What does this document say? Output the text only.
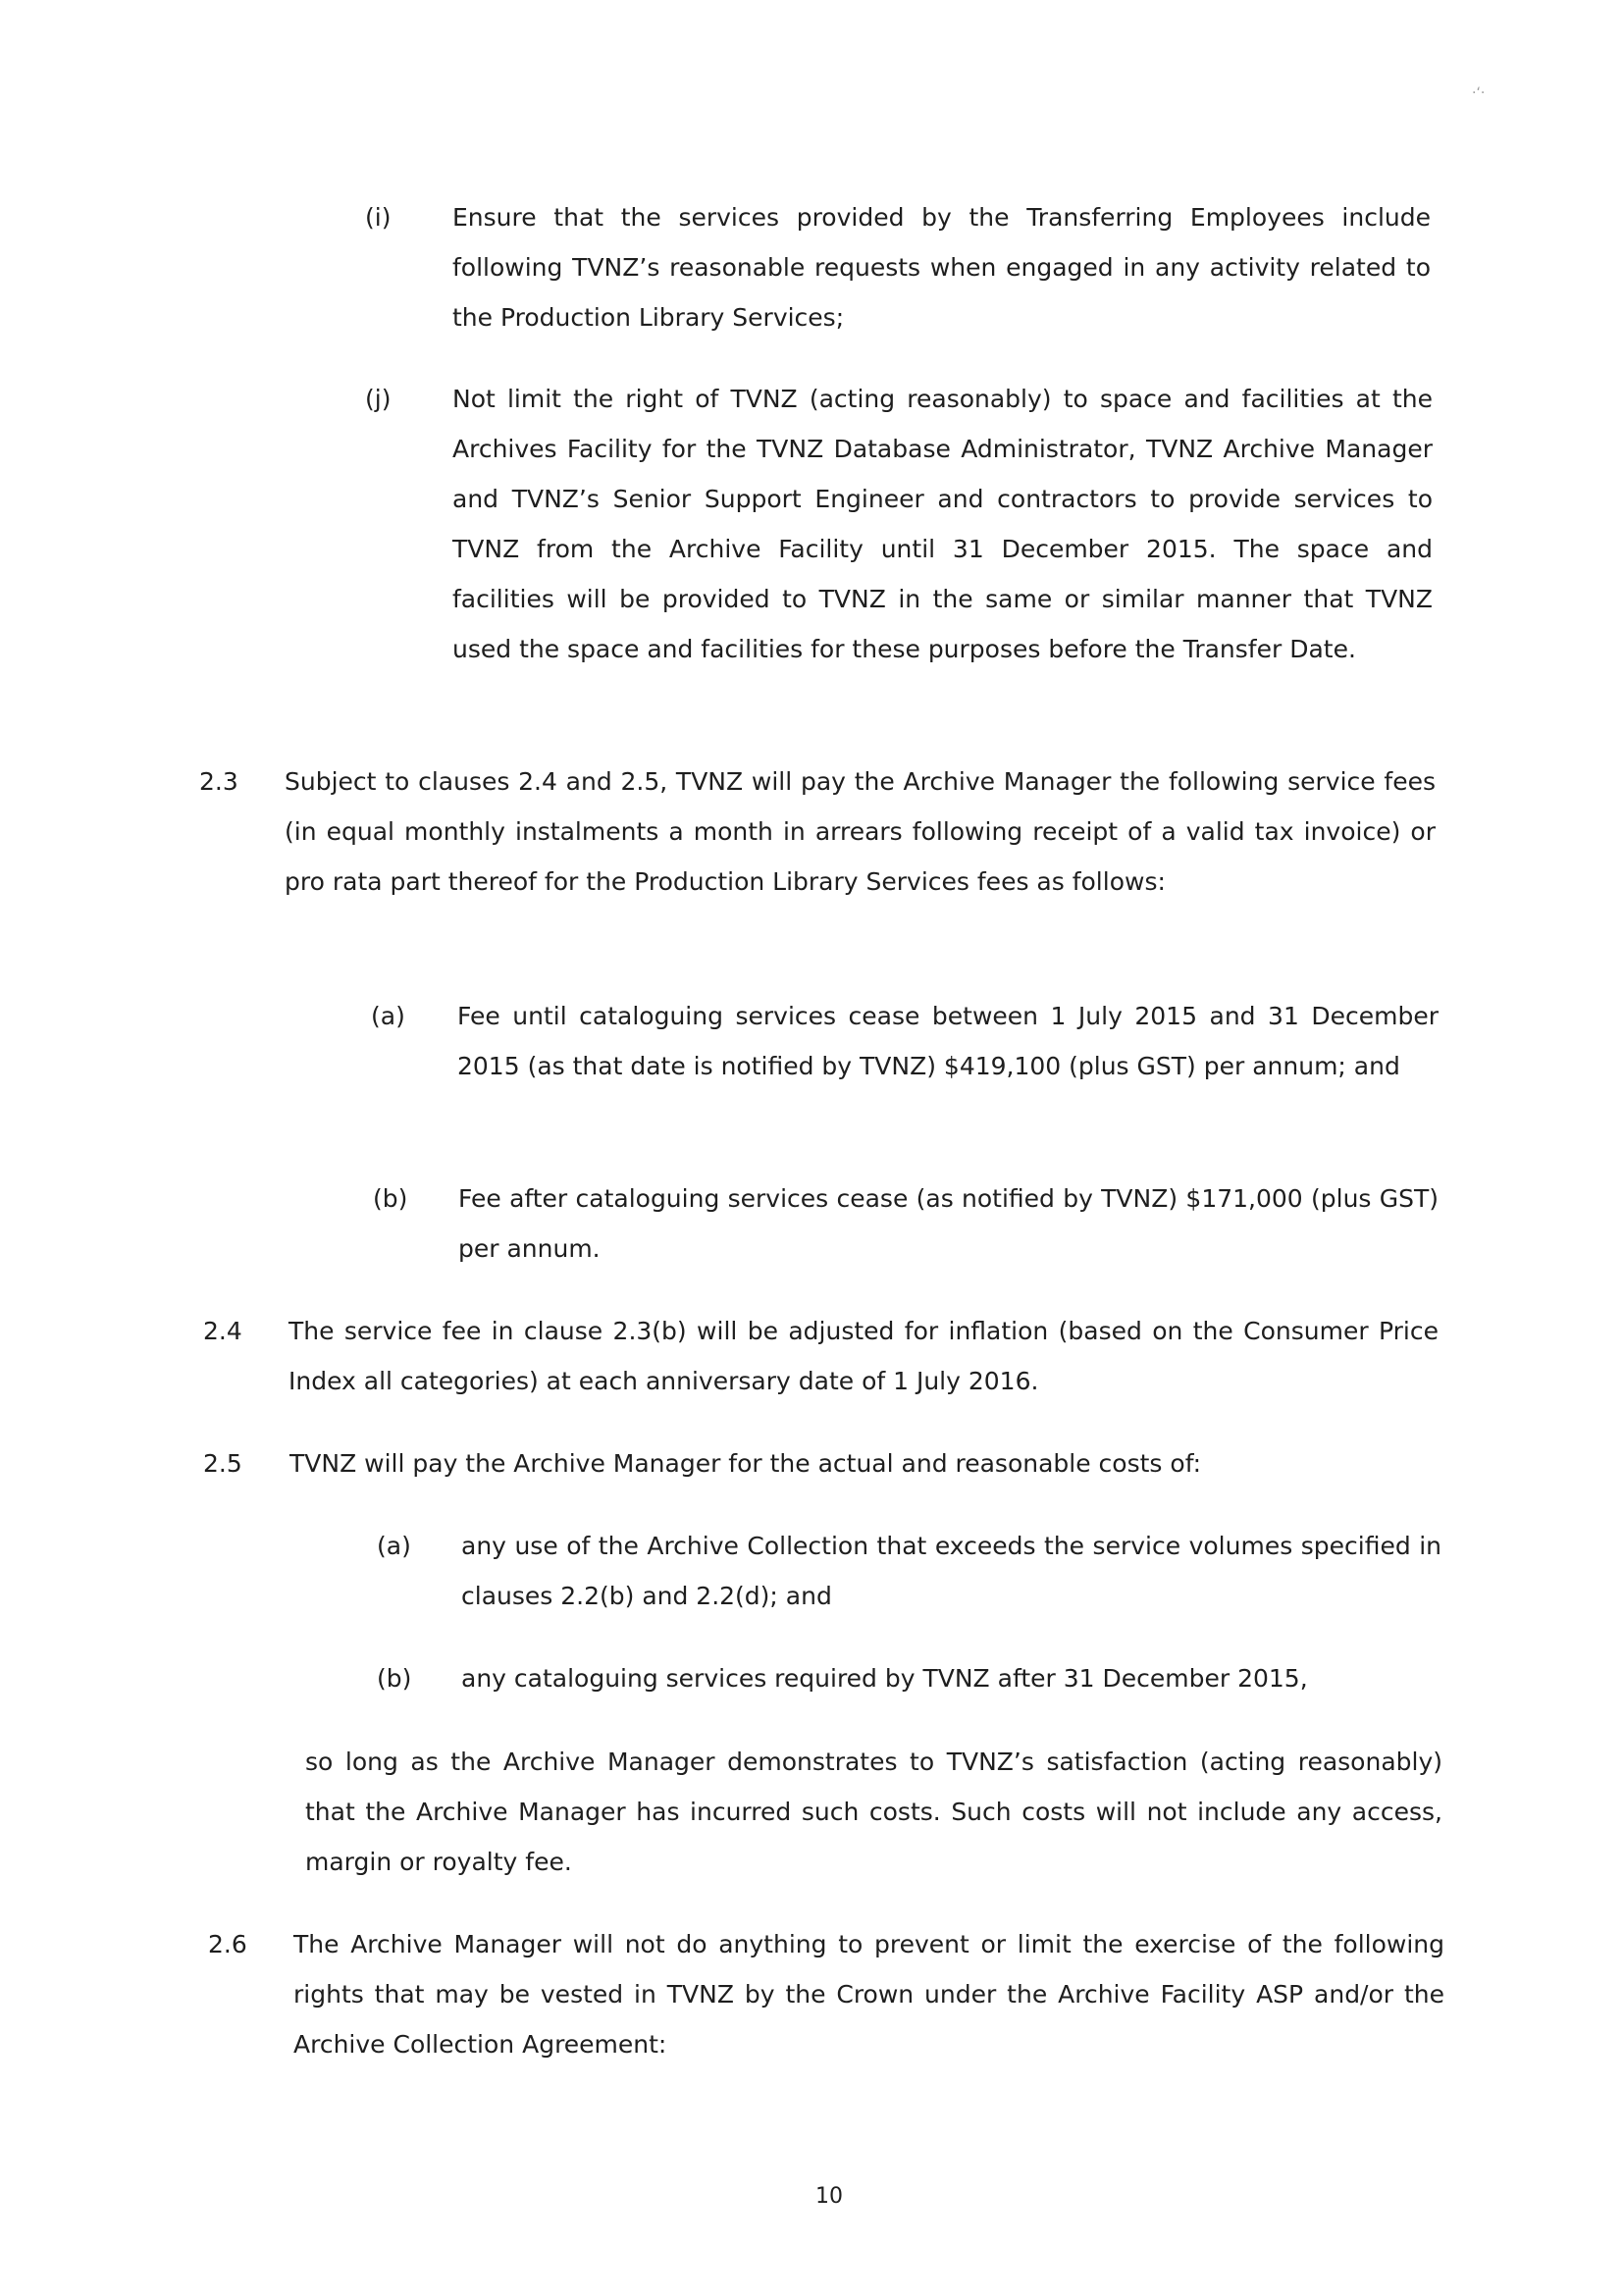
·‘·
(i)	Ensure that the services provided by the Transferring Employees include following TVNZ’s reasonable requests when engaged in any activity related to the Production Library Services;
(j)	Not limit the right of TVNZ (acting reasonably) to space and facilities at the Archives Facility for the TVNZ Database Administrator, TVNZ Archive Manager and TVNZ’s Senior Support Engineer and contractors to provide services to TVNZ from the Archive Facility until 31 December 2015. The space and facilities will be provided to TVNZ in the same or similar manner that TVNZ used the space and facilities for these purposes before the Transfer Date.
2.3 Subject to clauses 2.4 and 2.5, TVNZ will pay the Archive Manager the following service fees (in equal monthly instalments a month in arrears following receipt of a valid tax invoice) or pro rata part thereof for the Production Library Services fees as follows:
(a) Fee until cataloguing services cease between 1 July 2015 and 31 December 2015 (as that date is notified by TVNZ) $419,100 (plus GST) per annum; and
(b) Fee after cataloguing services cease (as notified by TVNZ) $171,000 (plus GST) per annum.
2.4 The service fee in clause 2.3(b) will be adjusted for inflation (based on the Consumer Price Index all categories) at each anniversary date of 1 July 2016.
2.5 TVNZ will pay the Archive Manager for the actual and reasonable costs of:
(a) any use of the Archive Collection that exceeds the service volumes specified in clauses 2.2(b) and 2.2(d); and
(b) any cataloguing services required by TVNZ after 31 December 2015,
so long as the Archive Manager demonstrates to TVNZ’s satisfaction (acting reasonably) that the Archive Manager has incurred such costs. Such costs will not include any access, margin or royalty fee.
2.6 The Archive Manager will not do anything to prevent or limit the exercise of the following rights that may be vested in TVNZ by the Crown under the Archive Facility ASP and/or the Archive Collection Agreement:
10
